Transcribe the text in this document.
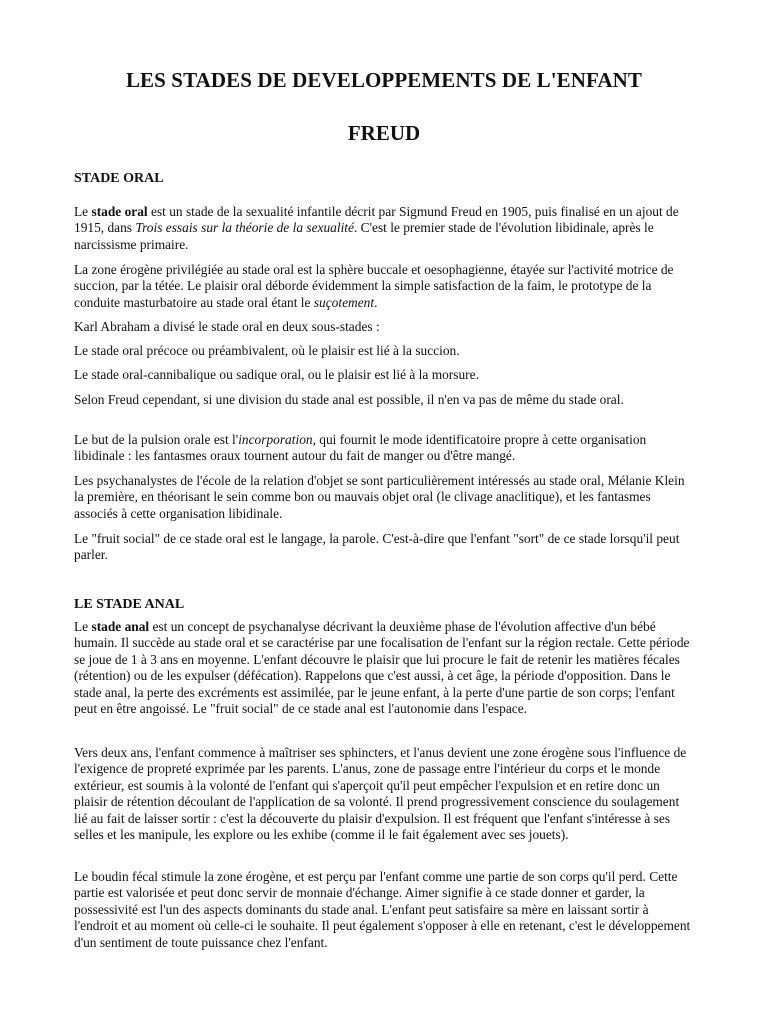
LES STADES DE DEVELOPPEMENTS DE L'ENFANT
FREUD
STADE ORAL

Le stade oral est un stade de la sexualité infantile décrit par Sigmund Freud en 1905, puis finalisé en un ajout de 1915, dans Trois essais sur la théorie de la sexualité. C'est le premier stade de l'évolution libidinale, après le narcissisme primaire.

La zone érogène privilégiée au stade oral est la sphère buccale et oesophagienne, étayée sur l'activité motrice de succion, par la tétée. Le plaisir oral déborde évidemment la simple satisfaction de la faim, le prototype de la conduite masturbatoire au stade oral étant le suçotement.

Karl Abraham a divisé le stade oral en deux sous-stades :

Le stade oral précoce ou préambivalent, où le plaisir est lié à la succion.

Le stade oral-cannibalique ou sadique oral, ou le plaisir est lié à la morsure.

Selon Freud cependant, si une division du stade anal est possible, il n'en va pas de même du stade oral.

Le but de la pulsion orale est l'incorporation, qui fournit le mode identificatoire propre à cette organisation libidinale : les fantasmes oraux tournent autour du fait de manger ou d'être mangé.

Les psychanalystes de l'école de la relation d'objet se sont particulièrement intéressés au stade oral, Mélanie Klein la première, en théorisant le sein comme bon ou mauvais objet oral (le clivage anaclitique), et les fantasmes associés à cette organisation libidinale.

Le "fruit social" de ce stade oral est le langage, la parole. C'est-à-dire que l'enfant "sort" de ce stade lorsqu'il peut parler.

LE STADE ANAL

Le stade anal est un concept de psychanalyse décrivant la deuxième phase de l'évolution affective d'un bébé humain. Il succède au stade oral et se caractérise par une focalisation de l'enfant sur la région rectale. Cette période se joue de 1 à 3 ans en moyenne. L'enfant découvre le plaisir que lui procure le fait de retenir les matières fécales (rétention) ou de les expulser (défécation). Rappelons que c'est aussi, à cet âge, la période d'opposition. Dans le stade anal, la perte des excréments est assimilée, par le jeune enfant, à la perte d'une partie de son corps; l'enfant peut en être angoissé. Le "fruit social" de ce stade anal est l'autonomie dans l'espace.

Vers deux ans, l'enfant commence à maîtriser ses sphincters, et l'anus devient une zone érogène sous l'influence de l'exigence de propreté exprimée par les parents. L'anus, zone de passage entre l'intérieur du corps et le monde extérieur, est soumis à la volonté de l'enfant qui s'aperçoit qu'il peut empêcher l'expulsion et en retire donc un plaisir de rétention découlant de l'application de sa volonté. Il prend progressivement conscience du soulagement lié au fait de laisser sortir : c'est la découverte du plaisir d'expulsion. Il est fréquent que l'enfant s'intéresse à ses selles et les manipule, les explore ou les exhibe (comme il le fait également avec ses jouets).

Le boudin fécal stimule la zone érogène, et est perçu par l'enfant comme une partie de son corps qu'il perd. Cette partie est valorisée et peut donc servir de monnaie d'échange. Aimer signifie à ce stade donner et garder, la possessivité est l'un des aspects dominants du stade anal. L'enfant peut satisfaire sa mère en laissant sortir à l'endroit et au moment où celle-ci le souhaite. Il peut également s'opposer à elle en retenant, c'est le développement d'un sentiment de toute puissance chez l'enfant.
